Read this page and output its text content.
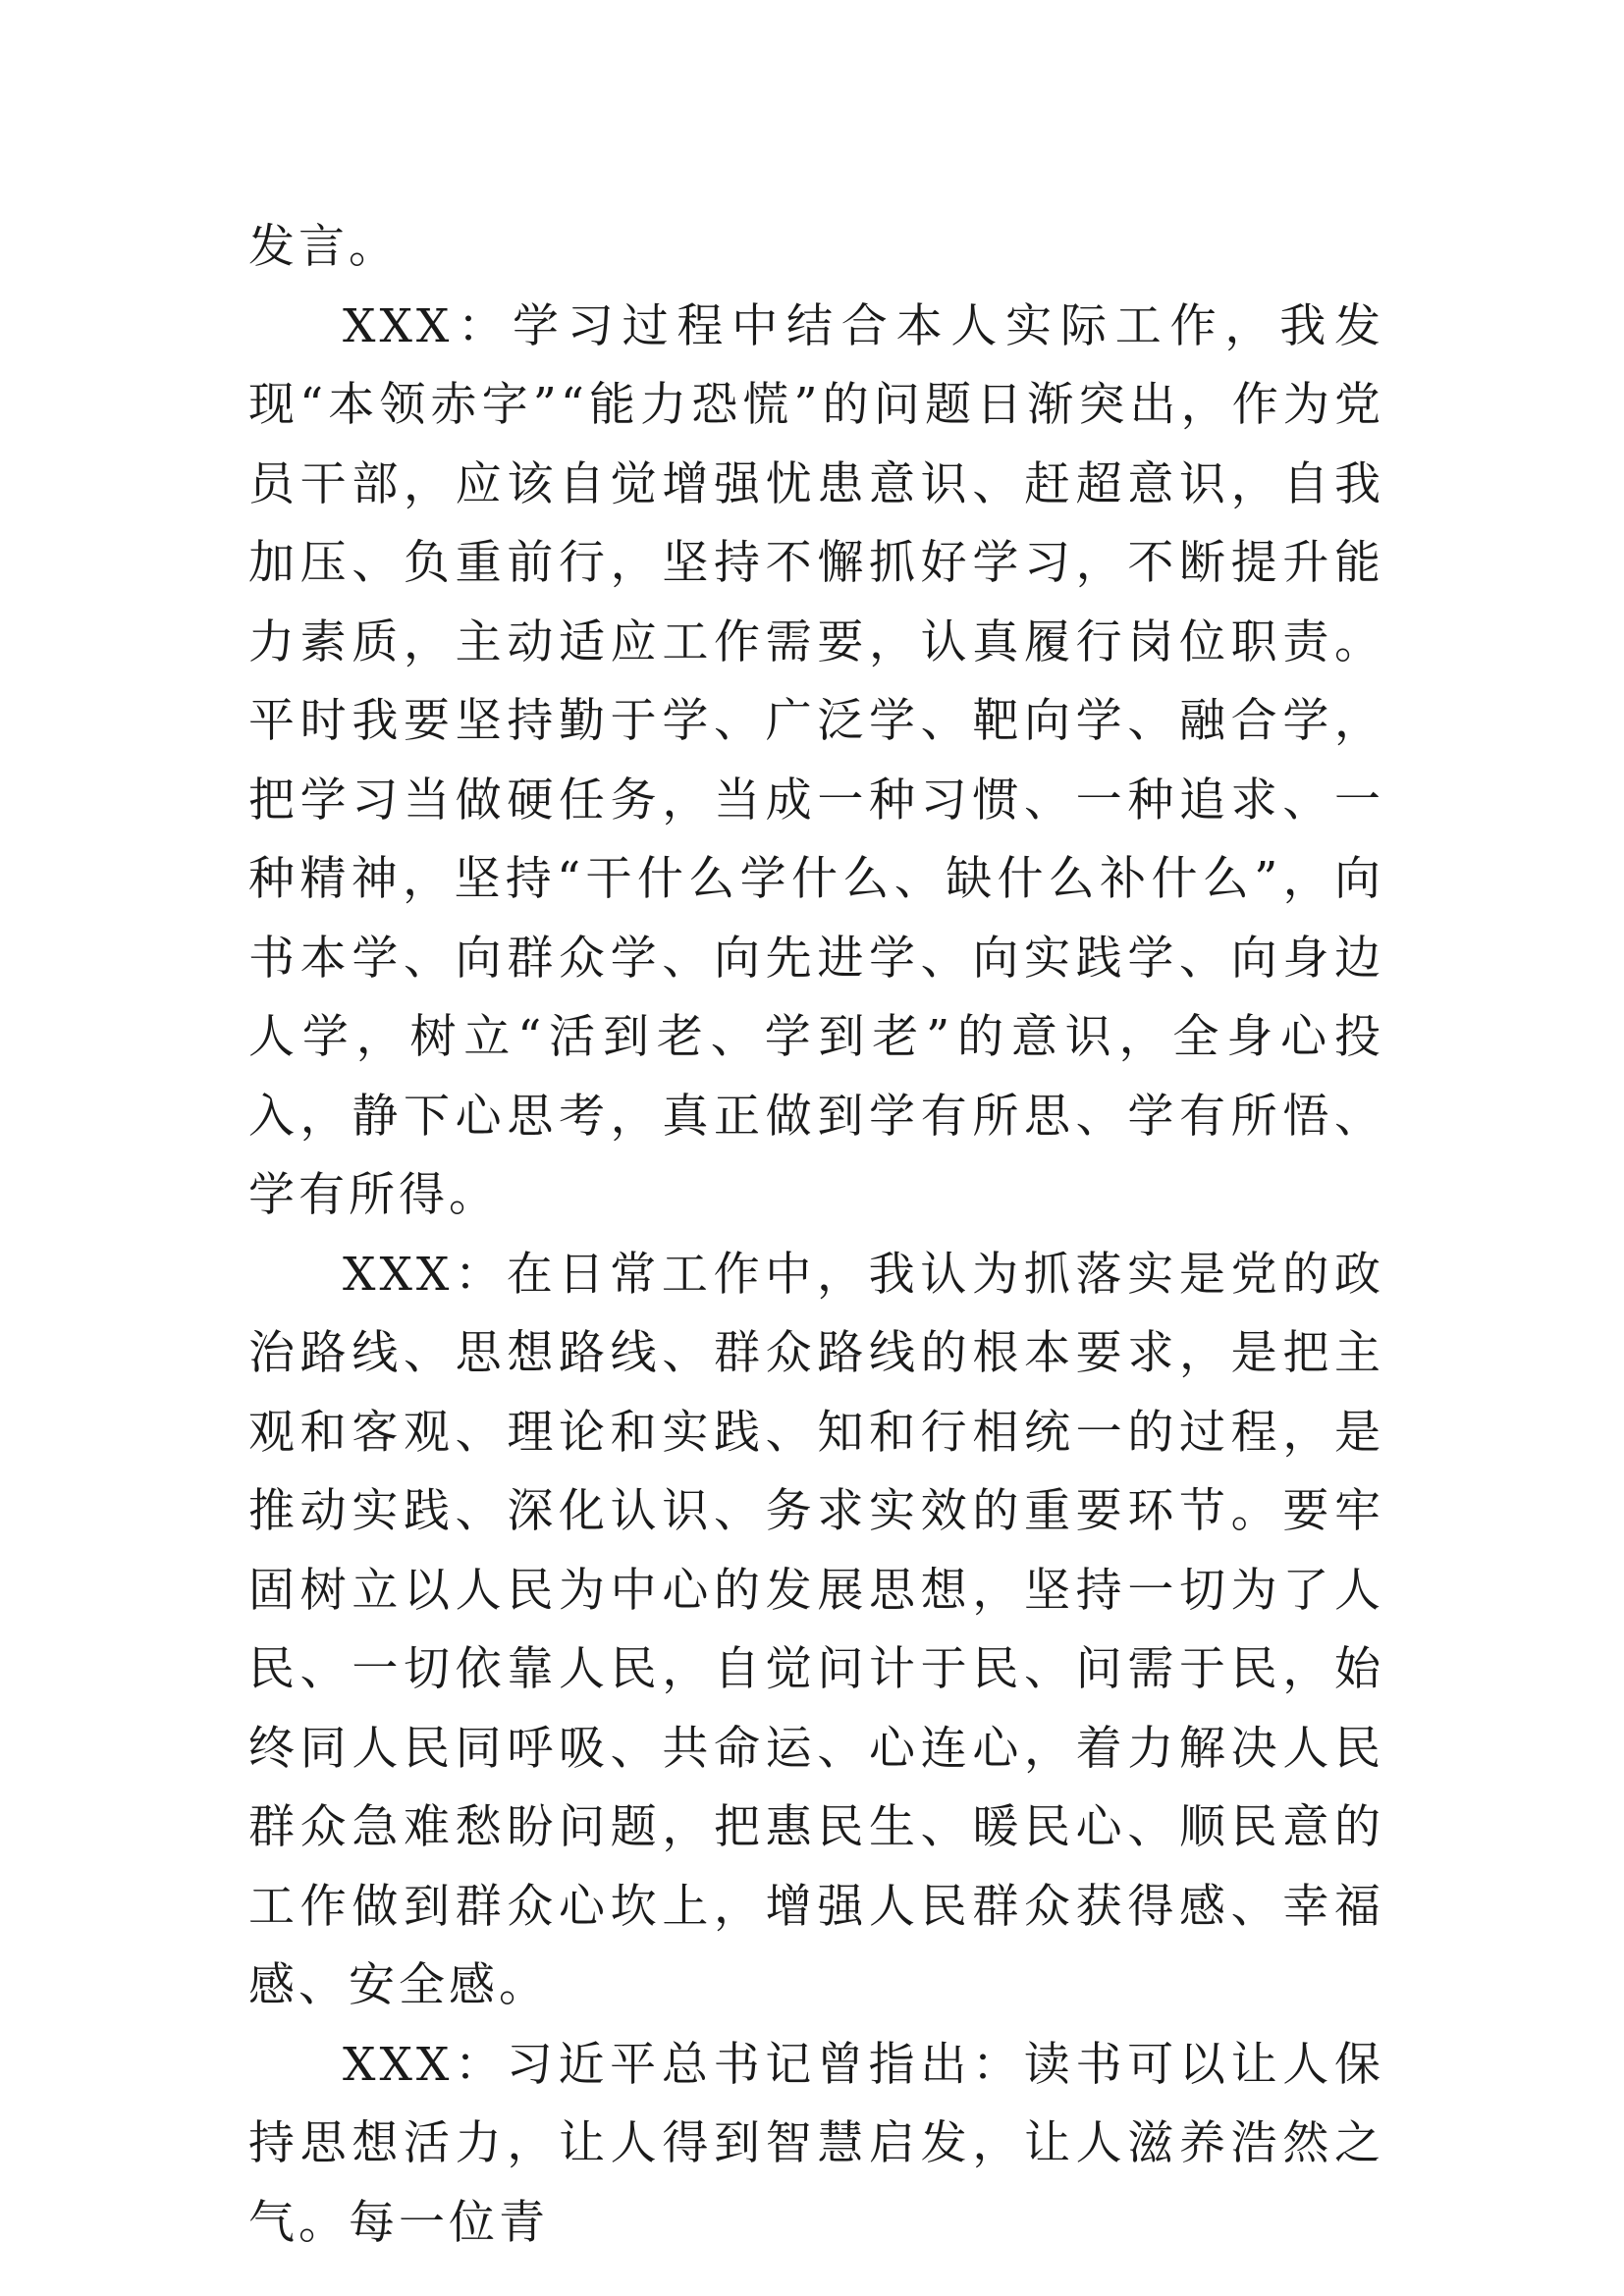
发言。

XXX：学习过程中结合本人实际工作，我发现“本领赤字”“能力恐慌”的问题日渐突出，作为党员干部，应该自觉增强忧患意识、赶超意识，自我加压、负重前行，坚持不懈抓好学习，不断提升能力素质，主动适应工作需要，认真履行岗位职责。平时我要坚持勤于学、广泛学、靶向学、融合学，把学习当做硬任务，当成一种习惯、一种追求、一种精神，坚持“干什么学什么、缺什么补什么”，向书本学、向群众学、向先进学、向实践学、向身边人学，树立“活到老、学到老”的意识，全身心投入，静下心思考，真正做到学有所思、学有所悟、学有所得。

XXX：在日常工作中，我认为抓落实是党的政治路线、思想路线、群众路线的根本要求，是把主观和客观、理论和实践、知和行相统一的过程，是推动实践、深化认识、务求实效的重要环节。要牢固树立以人民为中心的发展思想，坚持一切为了人民、一切依靠人民，自觉问计于民、问需于民，始终同人民同呼吸、共命运、心连心，着力解决人民群众急难愁盼问题，把惠民生、暖民心、顺民意的工作做到群众心坎上，增强人民群众获得感、幸福感、安全感。

XXX：习近平总书记曾指出：读书可以让人保持思想活力，让人得到智慧启发，让人滋养浩然之气。每一位青
